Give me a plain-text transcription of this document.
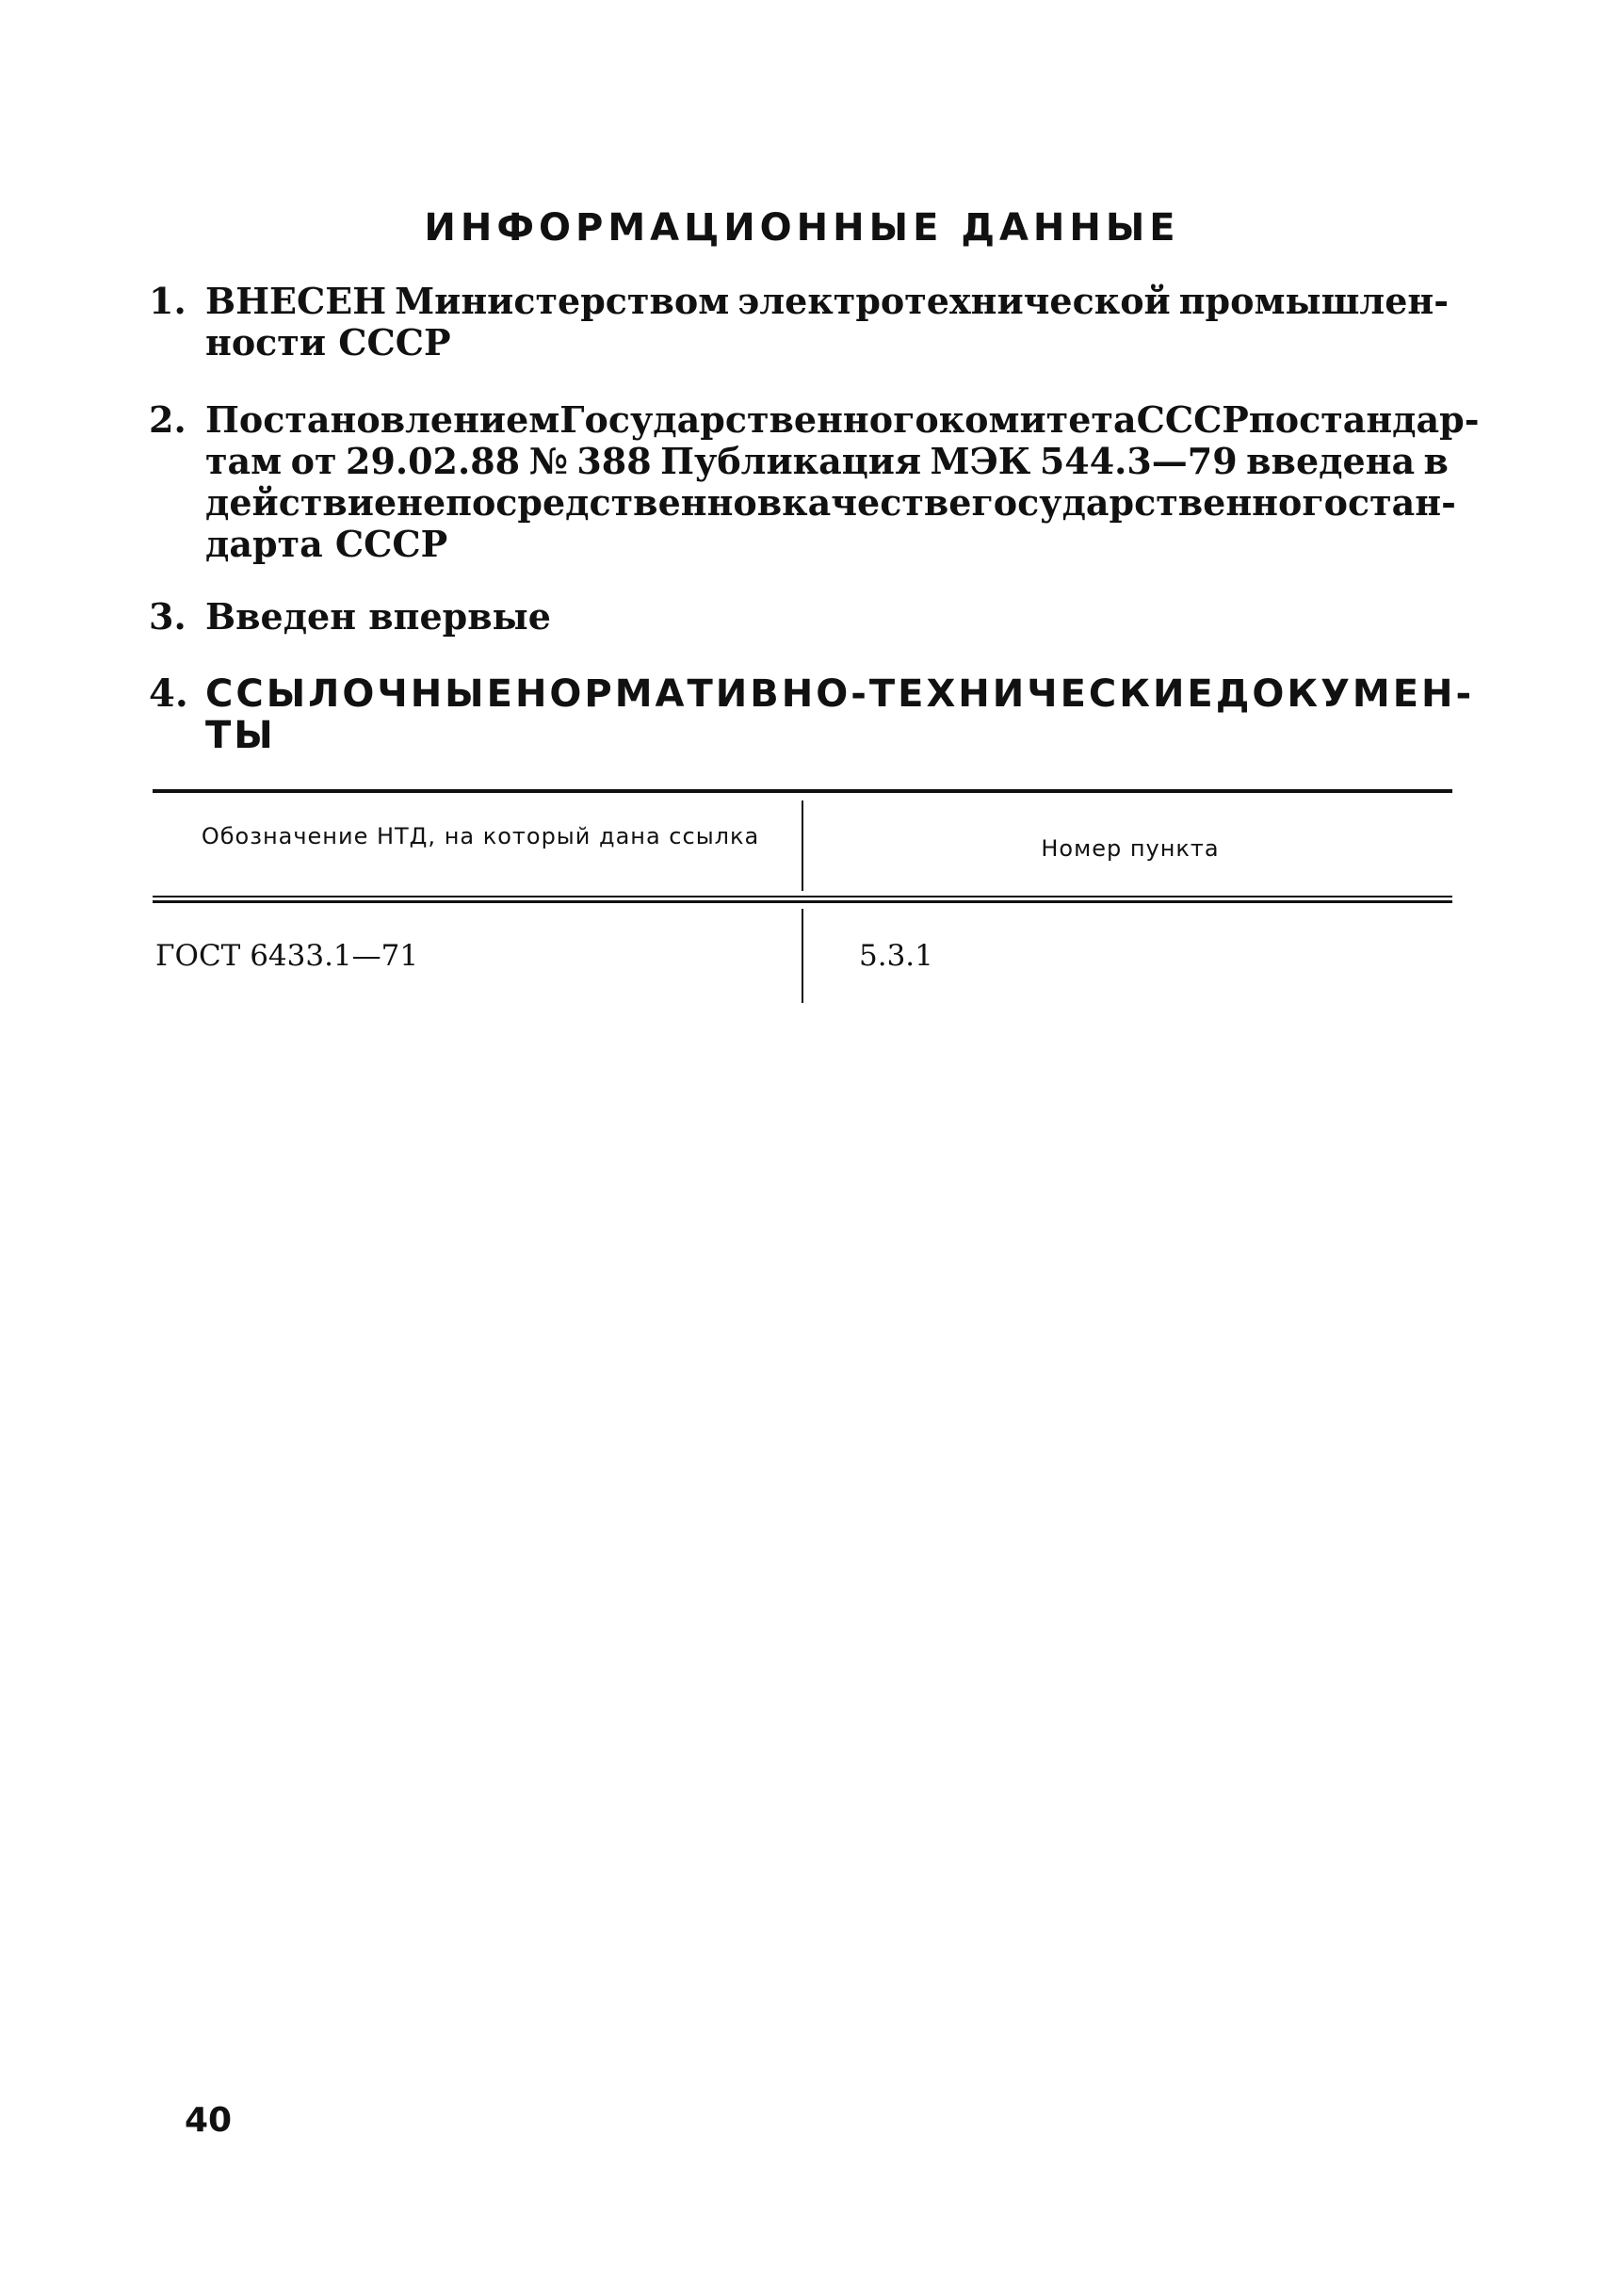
ИНФОРМАЦИОННЫЕ ДАННЫЕ
1. ВНЕСЕН Министерством электротехнической промышлен-
ности СССР
2. Постановлением Государственного комитета СССР по стандар-
там от 29.02.88 № 388 Публикация МЭК 544.3—79 введена в
действие непосредственно в качестве государственного стан-
дарта СССР
3. Введен впервые
4. ССЫЛОЧНЫЕ НОРМАТИВНО-ТЕХНИЧЕСКИЕ ДОКУМЕН-
ТЫ
Обозначение НТД, на который дана ссылка	Номер пункта
ГОСТ 6433.1—71	5.3.1
40
